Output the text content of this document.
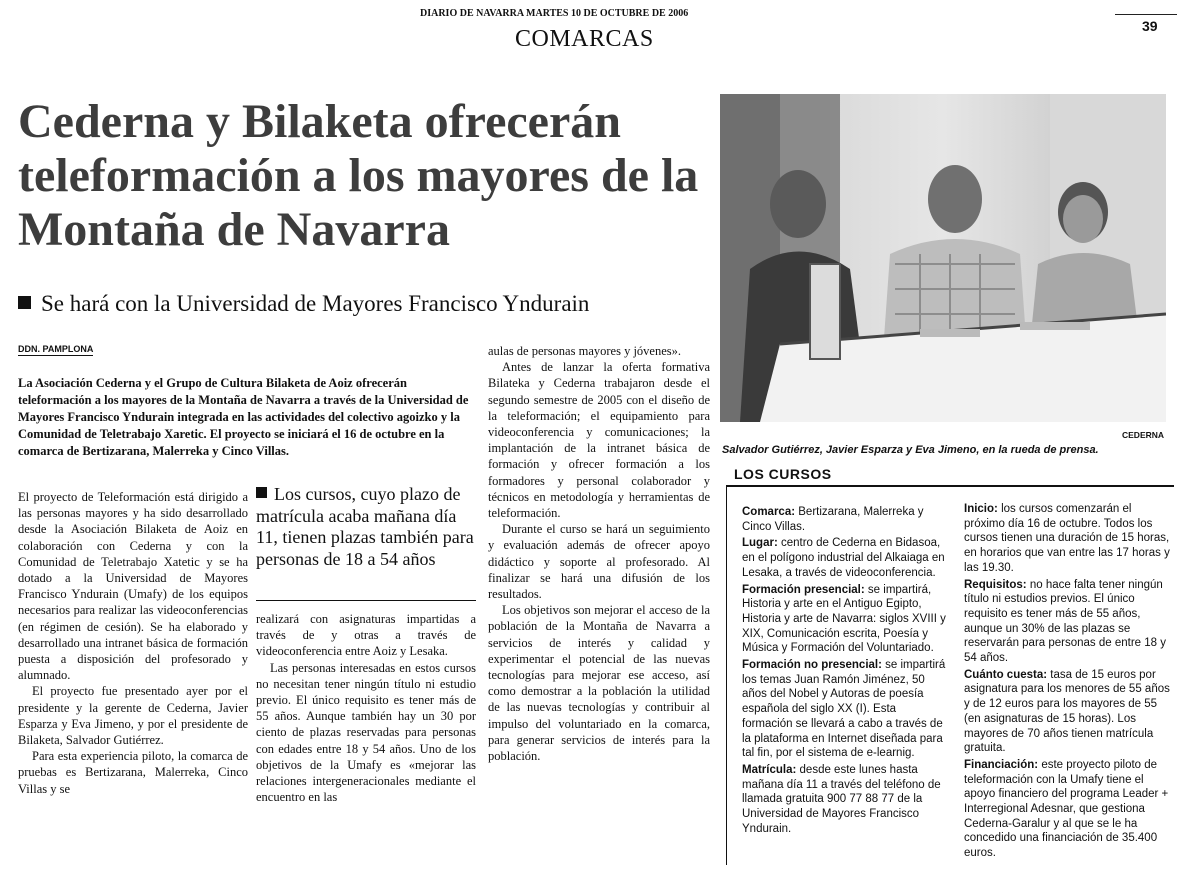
DIARIO DE NAVARRA MARTES 10 DE OCTUBRE DE 2006
COMARCAS	39
Cederna y Bilaketa ofrecerán teleformación a los mayores de la Montaña de Navarra
Se hará con la Universidad de Mayores Francisco Yndurain
DDN. PAMPLONA
La Asociación Cederna y el Grupo de Cultura Bilaketa de Aoiz ofrecerán teleformación a los mayores de la Montaña de Navarra a través de la Universidad de Mayores Francisco Yndurain integrada en las actividades del colectivo agoizko y la Comunidad de Teletrabajo Xaretic. El proyecto se iniciará el 16 de octubre en la comarca de Bertizarana, Malerreka y Cinco Villas.

El proyecto de Teleformación está dirigido a las personas mayores y ha sido desarrollado desde la Asociación Bilaketa de Aoiz en colaboración con Cederna y con la Comunidad de Teletrabajo Xatetic y se ha dotado a la Universidad de Mayores Francisco Yndurain (Umafy) de los equipos necesarios para realizar las videoconferencias (en régimen de cesión). Se ha elaborado y desarrollado una intranet básica de formación puesta a disposición del profesorado y alumnado.

El proyecto fue presentado ayer por el presidente y la gerente de Cederna, Javier Esparza y Eva Jimeno, y por el presidente de Bilaketa, Salvador Gutiérrez.

Para esta experiencia piloto, la comarca de pruebas es Bertizarana, Malerreka, Cinco Villas y se

Los cursos, cuyo plazo de matrícula acaba mañana día 11, tienen plazas también para personas de 18 a 54 años

realizará con asignaturas impartidas a través de y otras a través de videoconferencia entre Aoiz y Lesaka.

Las personas interesadas en estos cursos no necesitan tener ningún título ni estudio previo. El único requisito es tener más de 55 años. Aunque también hay un 30 por ciento de plazas reservadas para personas con edades entre 18 y 54 años. Uno de los objetivos de la Umafy es «mejorar las relaciones intergeneracionales mediante el encuentro en las

aulas de personas mayores y jóvenes».

Antes de lanzar la oferta formativa Bilateka y Cederna trabajaron desde el segundo semestre de 2005 con el diseño de la teleformación; el equipamiento para videoconferencia y comunicaciones; la implantación de la intranet básica de formación y ofrecer formación a los formadores y personal colaborador y técnicos en metodología y herramientas de teleformación.

Durante el curso se hará un seguimiento y evaluación además de ofrecer apoyo didáctico y soporte al profesorado. Al finalizar se hará una difusión de los resultados.

Los objetivos son mejorar el acceso de la población de la Montaña de Navarra a servicios de interés y calidad y experimentar el potencial de las nuevas tecnologías para mejorar ese acceso, así como demostrar a la población la utilidad de las nuevas tecnologías y contribuir al impulso del voluntariado en la comarca, para generar servicios de interés para la población.

CEDERNA
Salvador Gutiérrez, Javier Esparza y Eva Jimeno, en la rueda de prensa.
LOS CURSOS

Comarca: Bertizarana, Malerreka y Cinco Villas.

Lugar: centro de Cederna en Bidasoa, en el polígono industrial del Alkaiaga en Lesaka, a través de videoconferencia.

Formación presencial: se impartirá, Historia y arte en el Antiguo Egipto, Historia y arte de Navarra: siglos XVIII y XIX, Comunicación escrita, Poesía y Música y Formación del Voluntariado.

Formación no presencial: se impartirá los temas Juan Ramón Jiménez, 50 años del Nobel y Autoras de poesía española del siglo XX (I). Esta formación se llevará a cabo a través de la plataforma en Internet diseñada para tal fin, por el sistema de e-learnig.

Matrícula: desde este lunes hasta mañana día 11 a través del teléfono de llamada gratuita 900 77 88 77 de la Universidad de Mayores Francisco Yndurain.

Inicio: los cursos comenzarán el próximo día 16 de octubre. Todos los cursos tienen una duración de 15 horas, en horarios que van entre las 17 horas y las 19.30.

Requisitos: no hace falta tener ningún título ni estudios previos. El único requisito es tener más de 55 años, aunque un 30% de las plazas se reservarán para personas de entre 18 y 54 años.

Cuánto cuesta: tasa de 15 euros por asignatura para los menores de 55 años y de 12 euros para los mayores de 55 (en asignaturas de 15 horas). Los mayores de 70 años tienen matrícula gratuita.

Financiación: este proyecto piloto de teleformación con la Umafy tiene el apoyo financiero del programa Leader + Interregional Adesnar, que gestiona Cederna-Garalur y al que se le ha concedido una financiación de 35.400 euros.
